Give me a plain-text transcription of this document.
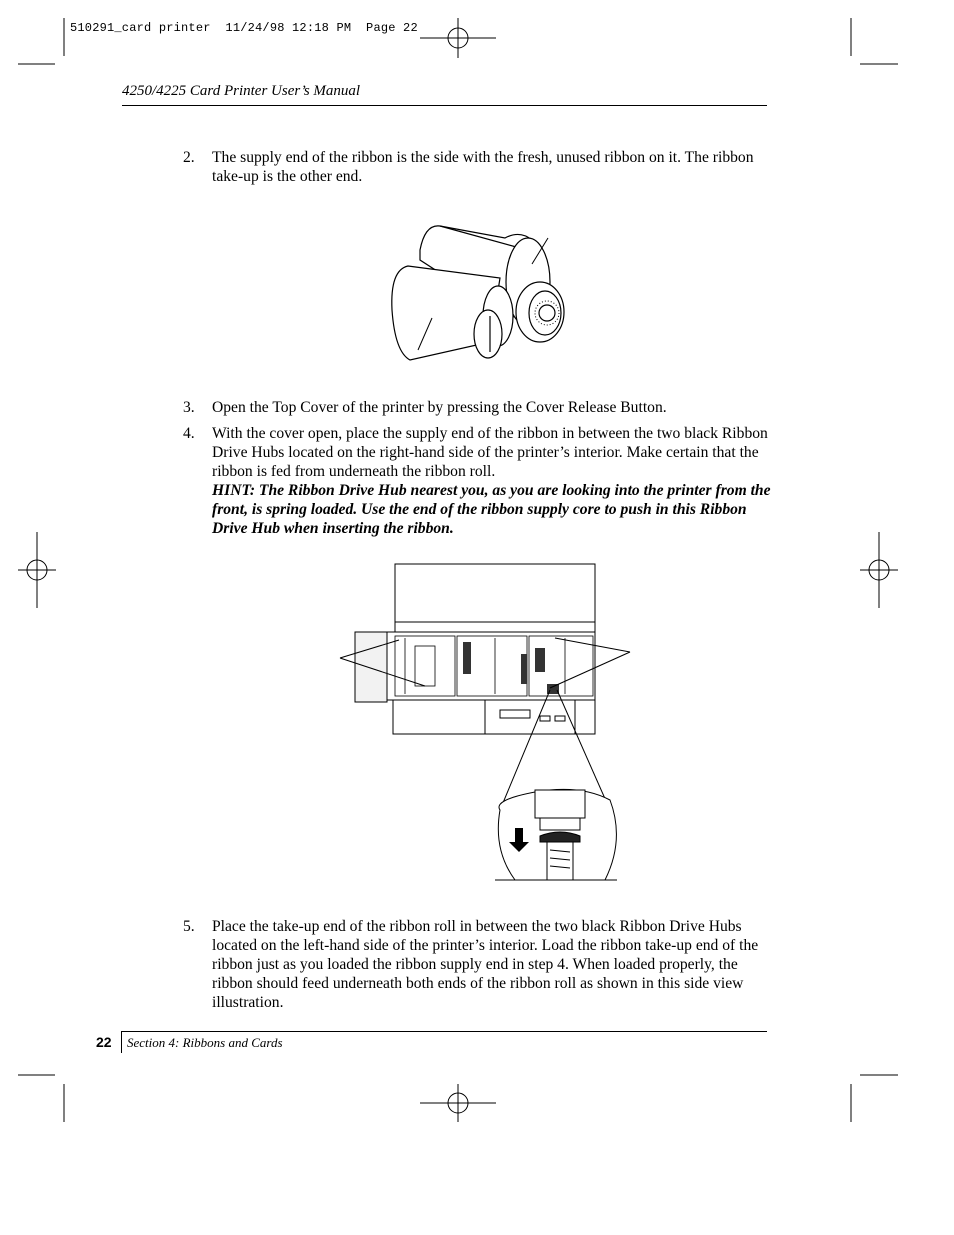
510291_card printer  11/24/98 12:18 PM  Page 22
4250/4225 Card Printer User’s Manual
2. The supply end of the ribbon is the side with the fresh, unused ribbon on it. The ribbon take-up is the other end.
3. Open the Top Cover of the printer by pressing the Cover Release Button.
4. With the cover open, place the supply end of the ribbon in between the two black Ribbon Drive Hubs located on the right-hand side of the printer’s interior. Make certain that the ribbon is fed from underneath the ribbon roll.
HINT: The Ribbon Drive Hub nearest you, as you are looking into the printer from the front, is spring loaded. Use the end of the ribbon supply core to push in this Ribbon Drive Hub when inserting the ribbon.
5. Place the take-up end of the ribbon roll in between the two black Ribbon Drive Hubs located on the left-hand side of the printer’s interior. Load the ribbon take-up end of the ribbon just as you loaded the ribbon supply end in step 4. When loaded properly, the ribbon should feed underneath both ends of the ribbon roll as shown in this side view illustration.
22 Section 4: Ribbons and Cards
